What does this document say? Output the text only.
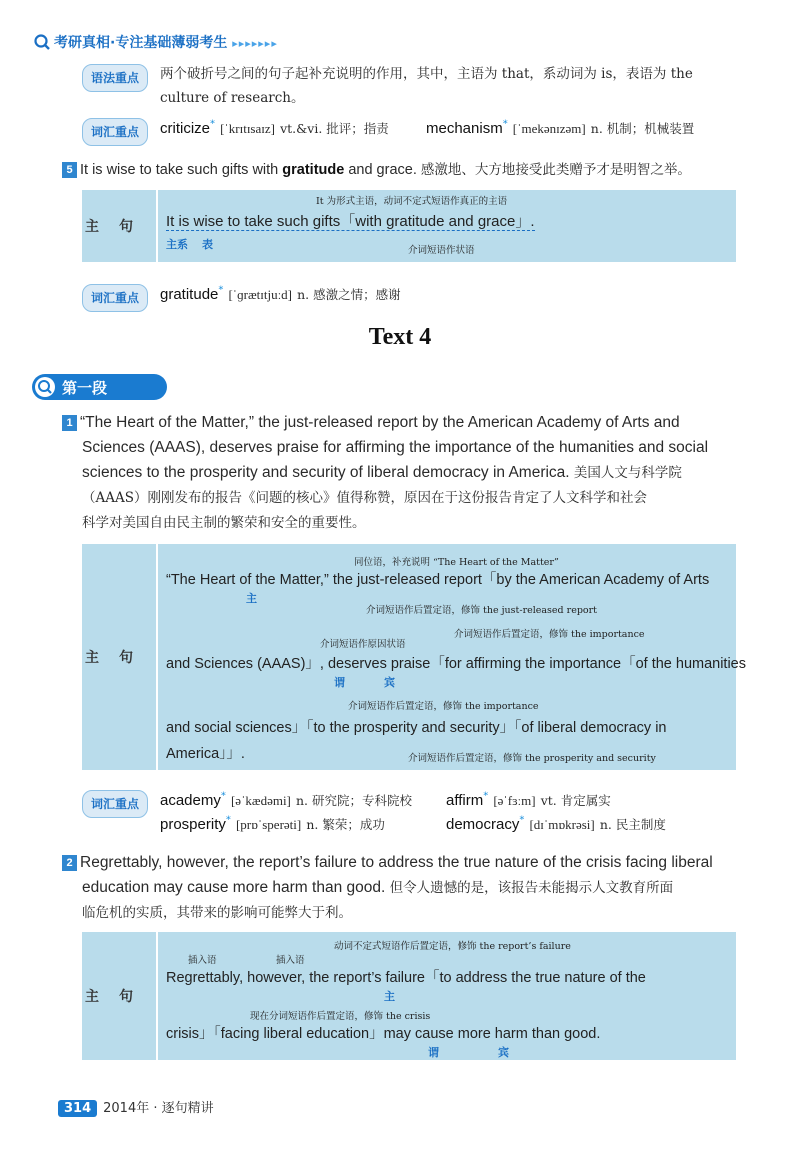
考研真相·专注基础薄弱考生 ▸▸▸▸▸▸▸
语法重点	两个破折号之间的句子起补充说明的作用，其中，主语为 that，系动词为 is，表语为 the
culture of research。
词汇重点	criticize* [ˈkrɪtɪsaɪz] vt.&vi. 批评；指责 mechanism* [ˈmekənɪzəm] n. 机制；机械装置
5 It is wise to take such gifts with gratitude and grace. 感激地、大方地接受此类赠予才是明智之举。
主句
It 为形式主语，动词不定式短语作真正的主语
It is wise to take such gifts「with gratitude and grace」.
主系 表	介词短语作状语
词汇重点	gratitude* [ˈɡrætɪtjuːd] n. 感激之情；感谢
Text 4
第一段
1 “The Heart of the Matter,” the just-released report by the American Academy of Arts and
Sciences (AAAS), deserves praise for affirming the importance of the humanities and social
sciences to the prosperity and security of liberal democracy in America. 美国人文与科学院
（AAAS）刚刚发布的报告《问题的核心》值得称赞，原因在于这份报告肯定了人文科学和社会
科学对美国自由民主制的繁荣和安全的重要性。
主句
同位语，补充说明 “The Heart of the Matter”
“The Heart of the Matter,” the just-released report「by the American Academy of Arts
主
介词短语作后置定语，修饰 the just-released report
介词短语作原因状语
介词短语作后置定语，修饰 the importance
and Sciences (AAAS)」, deserves praise「for affirming the importance「of the humanities
谓	宾
介词短语作后置定语，修饰 the importance
and social sciences」「to the prosperity and security」「of liberal democracy in
America」」.	介词短语作后置定语，修饰 the prosperity and security
词汇重点	academy* [əˈkædəmi] n. 研究院；专科院校 affirm* [əˈfɜːm] vt. 肯定属实
prosperity* [prɒˈsperəti] n. 繁荣；成功	democracy* [dɪˈmɒkrəsi] n. 民主制度
2 Regrettably, however, the report’s failure to address the true nature of the crisis facing liberal
education may cause more harm than good. 但令人遗憾的是，该报告未能揭示人文教育所面
临危机的实质，其带来的影响可能弊大于利。
主句
插入语	插入语
动词不定式短语作后置定语，修饰 the report’s failure
Regrettably, however, the report’s failure「to address the true nature of the
主
现在分词短语作后置定语，修饰 the crisis
crisis」「facing liberal education」may cause more harm than good.
谓	宾
314 2014年 · 逐句精讲
